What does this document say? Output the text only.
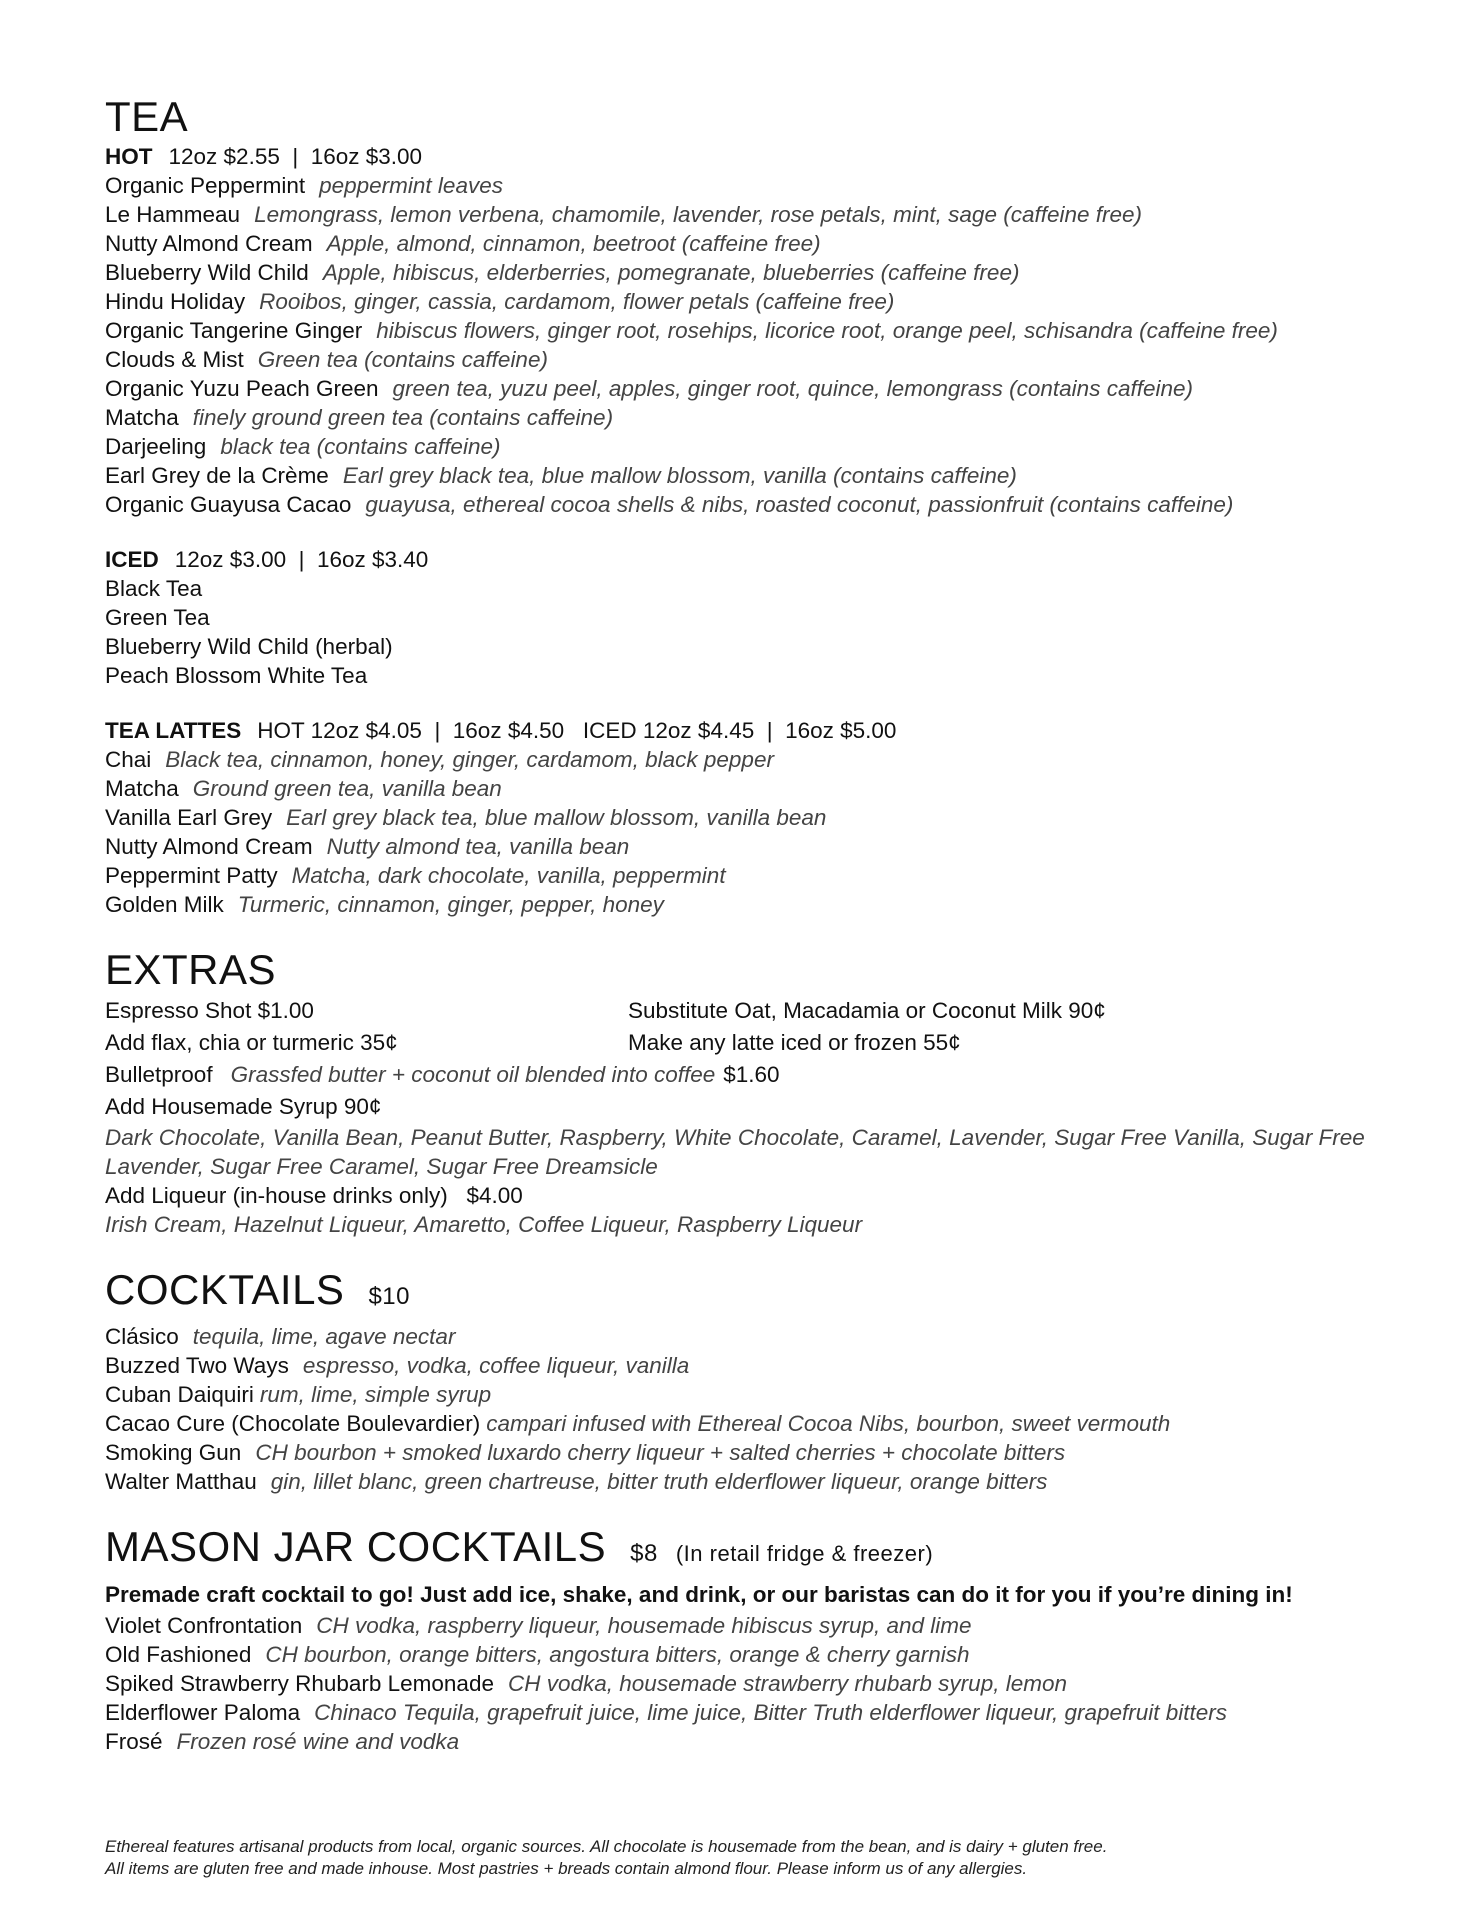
TEA
HOT 12oz $2.55  |  16oz $3.00
Organic Peppermint peppermint leaves
Le Hammeau Lemongrass, lemon verbena, chamomile, lavender, rose petals, mint, sage (caffeine free)
Nutty Almond Cream Apple, almond, cinnamon, beetroot (caffeine free)
Blueberry Wild Child Apple, hibiscus, elderberries, pomegranate, blueberries (caffeine free)
Hindu Holiday Rooibos, ginger, cassia, cardamom, flower petals (caffeine free)
Organic Tangerine Ginger hibiscus flowers, ginger root, rosehips, licorice root, orange peel, schisandra (caffeine free)
Clouds & Mist Green tea (contains caffeine)
Organic Yuzu Peach Green green tea, yuzu peel, apples, ginger root, quince, lemongrass (contains caffeine)
Matcha finely ground green tea (contains caffeine)
Darjeeling black tea (contains caffeine)
Earl Grey de la Crème Earl grey black tea, blue mallow blossom, vanilla (contains caffeine)
Organic Guayusa Cacao guayusa, ethereal cocoa shells & nibs, roasted coconut, passionfruit (contains caffeine)
ICED 12oz $3.00  |  16oz $3.40
Black Tea
Green Tea
Blueberry Wild Child (herbal)
Peach Blossom White Tea
TEA LATTES HOT 12oz $4.05  |  16oz $4.50   ICED 12oz $4.45  |  16oz $5.00
Chai Black tea, cinnamon, honey, ginger, cardamom, black pepper
Matcha Ground green tea, vanilla bean
Vanilla Earl Grey Earl grey black tea, blue mallow blossom, vanilla bean
Nutty Almond Cream Nutty almond tea, vanilla bean
Peppermint Patty Matcha, dark chocolate, vanilla, peppermint
Golden Milk Turmeric, cinnamon, ginger, pepper, honey
EXTRAS
Espresso Shot $1.00	Substitute Oat, Macadamia or Coconut Milk 90¢
Add flax, chia or turmeric 35¢	Make any latte iced or frozen 55¢
Bulletproof Grassfed butter + coconut oil blended into coffee $1.60
Add Housemade Syrup 90¢
Dark Chocolate, Vanilla Bean, Peanut Butter, Raspberry, White Chocolate, Caramel, Lavender, Sugar Free Vanilla, Sugar Free Lavender, Sugar Free Caramel, Sugar Free Dreamsicle
Add Liqueur (in-house drinks only)   $4.00
Irish Cream, Hazelnut Liqueur, Amaretto, Coffee Liqueur, Raspberry Liqueur
COCKTAILS $10
Clásico tequila, lime, agave nectar
Buzzed Two Ways espresso, vodka, coffee liqueur, vanilla
Cuban Daiquiri rum, lime, simple syrup
Cacao Cure (Chocolate Boulevardier) campari infused with Ethereal Cocoa Nibs, bourbon, sweet vermouth
Smoking Gun CH bourbon + smoked luxardo cherry liqueur + salted cherries + chocolate bitters
Walter Matthau gin, lillet blanc, green chartreuse, bitter truth elderflower liqueur, orange bitters
MASON JAR COCKTAILS $8 (In retail fridge & freezer)
Premade craft cocktail to go! Just add ice, shake, and drink, or our baristas can do it for you if you’re dining in!
Violet Confrontation CH vodka, raspberry liqueur, housemade hibiscus syrup, and lime
Old Fashioned CH bourbon, orange bitters, angostura bitters, orange & cherry garnish
Spiked Strawberry Rhubarb Lemonade CH vodka, housemade strawberry rhubarb syrup, lemon
Elderflower Paloma Chinaco Tequila, grapefruit juice, lime juice, Bitter Truth elderflower liqueur, grapefruit bitters
Frosé Frozen rosé wine and vodka
Ethereal features artisanal products from local, organic sources. All chocolate is housemade from the bean, and is dairy + gluten free.
All items are gluten free and made inhouse. Most pastries + breads contain almond flour. Please inform us of any allergies.
